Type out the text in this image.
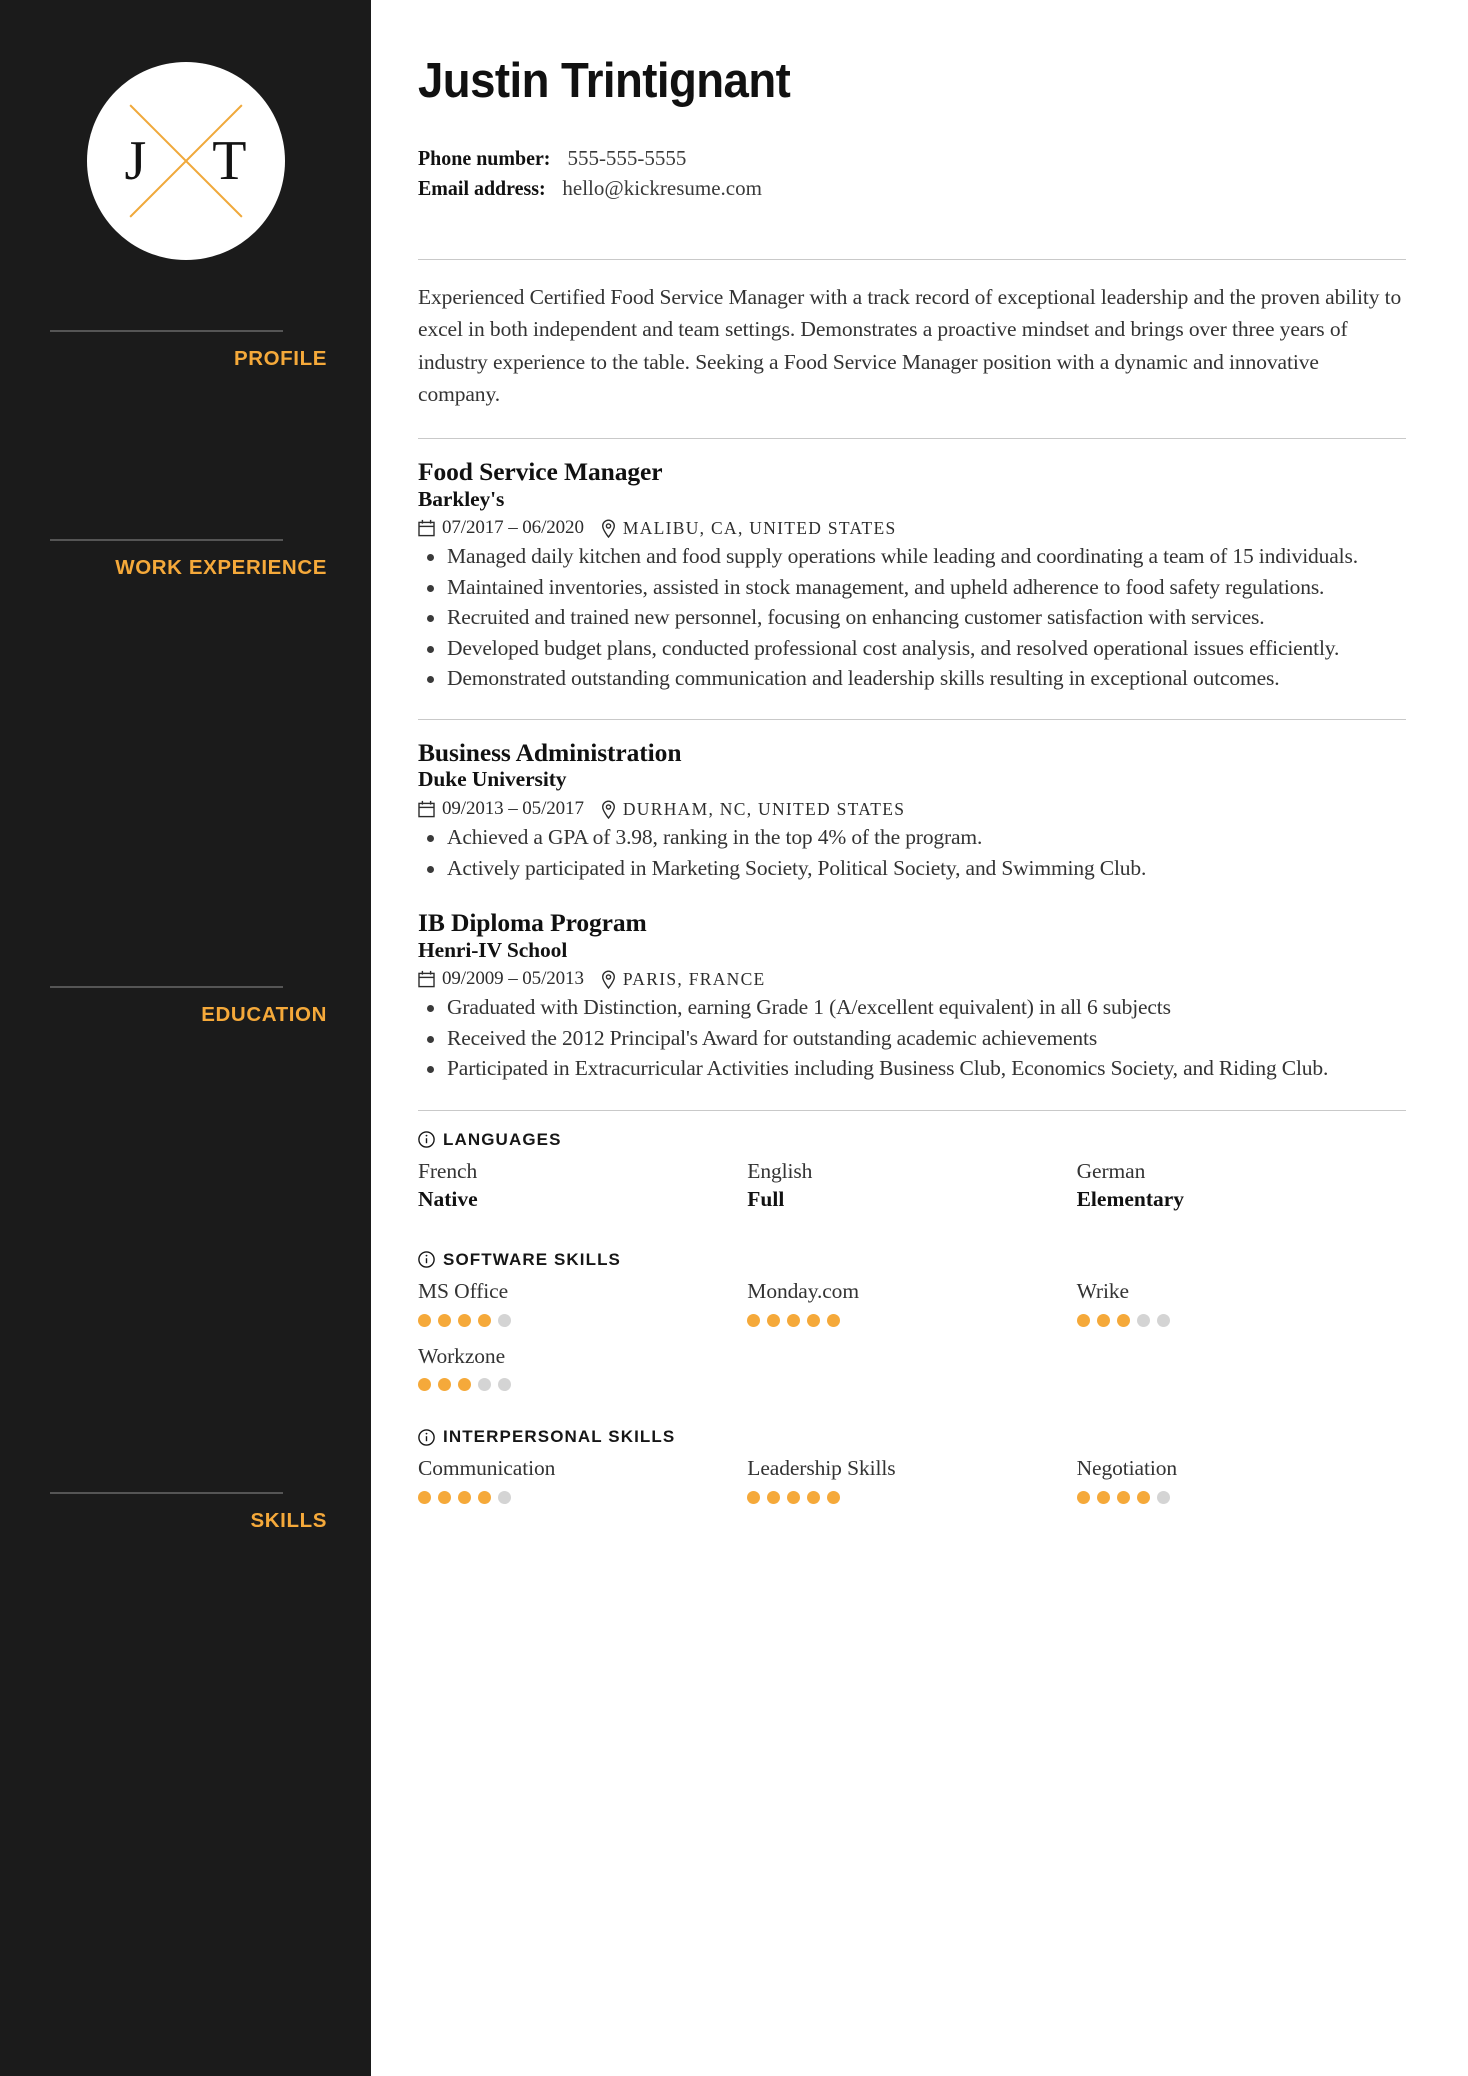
J T
PROFILE
WORK EXPERIENCE
EDUCATION
SKILLS
Justin Trintignant
Phone number: 555-555-5555
Email address: hello@kickresume.com

Experienced Certified Food Service Manager with a track record of exceptional leadership and the proven ability to excel in both independent and team settings. Demonstrates a proactive mindset and brings over three years of industry experience to the table. Seeking a Food Service Manager position with a dynamic and innovative company.

Food Service Manager
Barkley's
07/2017 – 06/2020 MALIBU, CA, UNITED STATES
Managed daily kitchen and food supply operations while leading and coordinating a team of 15 individuals.
Maintained inventories, assisted in stock management, and upheld adherence to food safety regulations.
Recruited and trained new personnel, focusing on enhancing customer satisfaction with services.
Developed budget plans, conducted professional cost analysis, and resolved operational issues efficiently.
Demonstrated outstanding communication and leadership skills resulting in exceptional outcomes.
Business Administration
Duke University
09/2013 – 05/2017 DURHAM, NC, UNITED STATES
Achieved a GPA of 3.98, ranking in the top 4% of the program.
Actively participated in Marketing Society, Political Society, and Swimming Club.
IB Diploma Program
Henri-IV School
09/2009 – 05/2013 PARIS, FRANCE
Graduated with Distinction, earning Grade 1 (A/excellent equivalent) in all 6 subjects
Received the 2012 Principal's Award for outstanding academic achievements
Participated in Extracurricular Activities including Business Club, Economics Society, and Riding Club.
LANGUAGES
French
Native
English
Full
German
Elementary
SOFTWARE SKILLS
MS Office	Monday.com	Wrike
Workzone
INTERPERSONAL SKILLS
Communication	Leadership Skills	Negotiation
